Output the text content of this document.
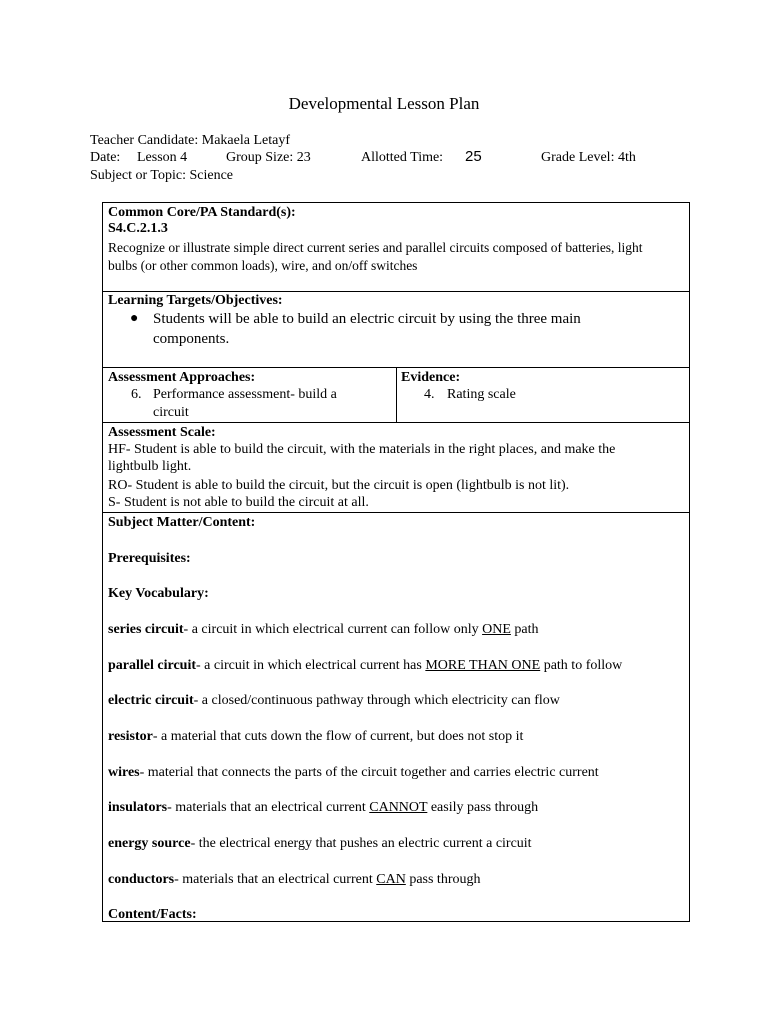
Developmental Lesson Plan
Teacher Candidate: Makaela Letayf
Date: Lesson 4	Group Size: 23	Allotted Time: 25	Grade Level: 4th
Subject or Topic: Science
Common Core/PA Standard(s):
S4.C.2.1.3
Recognize or illustrate simple direct current series and parallel circuits composed of batteries, light
bulbs (or other common loads), wire, and on/off switches
Learning Targets/Objectives:
● Students will be able to build an electric circuit by using the three main
components.
Assessment Approaches:
6. Performance assessment- build a
circuit
Evidence:
4. Rating scale
Assessment Scale:
HF- Student is able to build the circuit, with the materials in the right places, and make the
lightbulb light.
RO- Student is able to build the circuit, but the circuit is open (lightbulb is not lit).
S- Student is not able to build the circuit at all.
Subject Matter/Content:
Prerequisites:
Key Vocabulary:
series circuit- a circuit in which electrical current can follow only ONE path
parallel circuit- a circuit in which electrical current has MORE THAN ONE path to follow
electric circuit- a closed/continuous pathway through which electricity can flow
resistor- a material that cuts down the flow of current, but does not stop it
wires- material that connects the parts of the circuit together and carries electric current
insulators- materials that an electrical current CANNOT easily pass through
energy source- the electrical energy that pushes an electric current a circuit
conductors- materials that an electrical current CAN pass through
Content/Facts:
